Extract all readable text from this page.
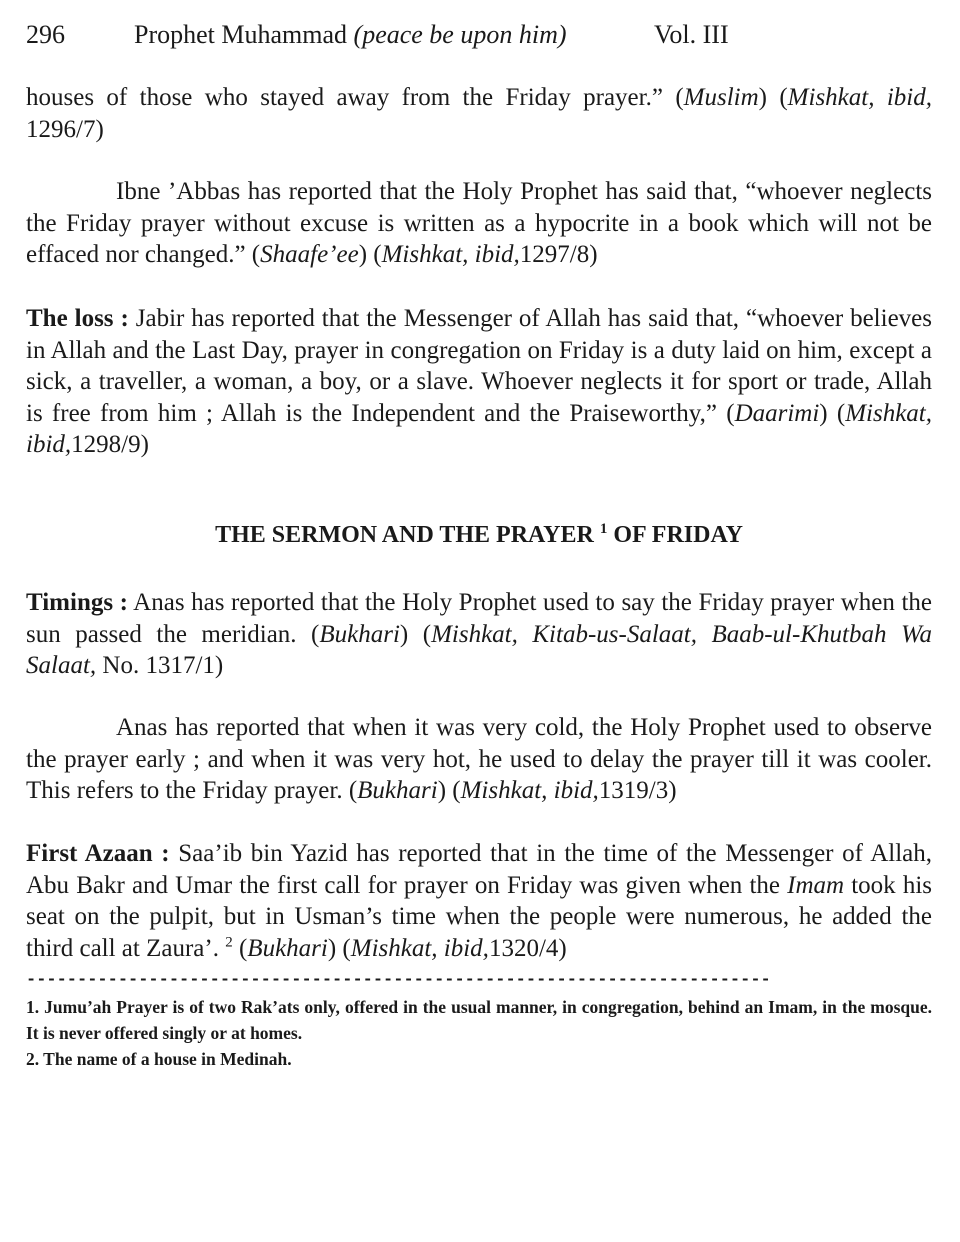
296	Prophet Muhammad (peace be upon him)	Vol. III

houses of those who stayed away from the Friday prayer.” (Muslim) (Mishkat, ibid, 1296/7)

Ibne ’Abbas has reported that the Holy Prophet has said that, “whoever neglects the Friday prayer without excuse is written as a hypocrite in a book which will not be effaced nor changed.” (Shaafe’ee) (Mishkat, ibid,1297/8)

The loss : Jabir has reported that the Messenger of Allah has said that, “whoever believes in Allah and the Last Day, prayer in congregation on Friday is a duty laid on him, except a sick, a traveller, a woman, a boy, or a slave. Whoever neglects it for sport or trade, Allah is free from him ; Allah is the Independent and the Praiseworthy,” (Daarimi) (Mishkat, ibid,1298/9)

THE SERMON AND THE PRAYER $^1$ OF FRIDAY

Timings : Anas has reported that the Holy Prophet used to say the Friday prayer when the sun passed the meridian. (Bukhari) (Mishkat, Kitab-us-Salaat, Baab-ul-Khutbah Wa Salaat, No. 1317/1)

Anas has reported that when it was very cold, the Holy Prophet used to observe the prayer early ; and when it was very hot, he used to delay the prayer till it was cooler. This refers to the Friday prayer. (Bukhari) (Mishkat, ibid,1319/3)

First Azaan : Saa’ib bin Yazid has reported that in the time of the Messenger of Allah, Abu Bakr and Umar the first call for prayer on Friday was given when the Imam took his seat on the pulpit, but in Usman’s time when the people were numerous, he added the third call at Zaura’. $^2$ (Bukhari) (Mishkat, ibid,1320/4)

-------------------------------------------------------------------------

1. Jumu’ah Prayer is of two Rak’ats only, offered in the usual manner, in congregation, behind an Imam, in the mosque. It is never offered singly or at homes.

2. The name of a house in Medinah.
